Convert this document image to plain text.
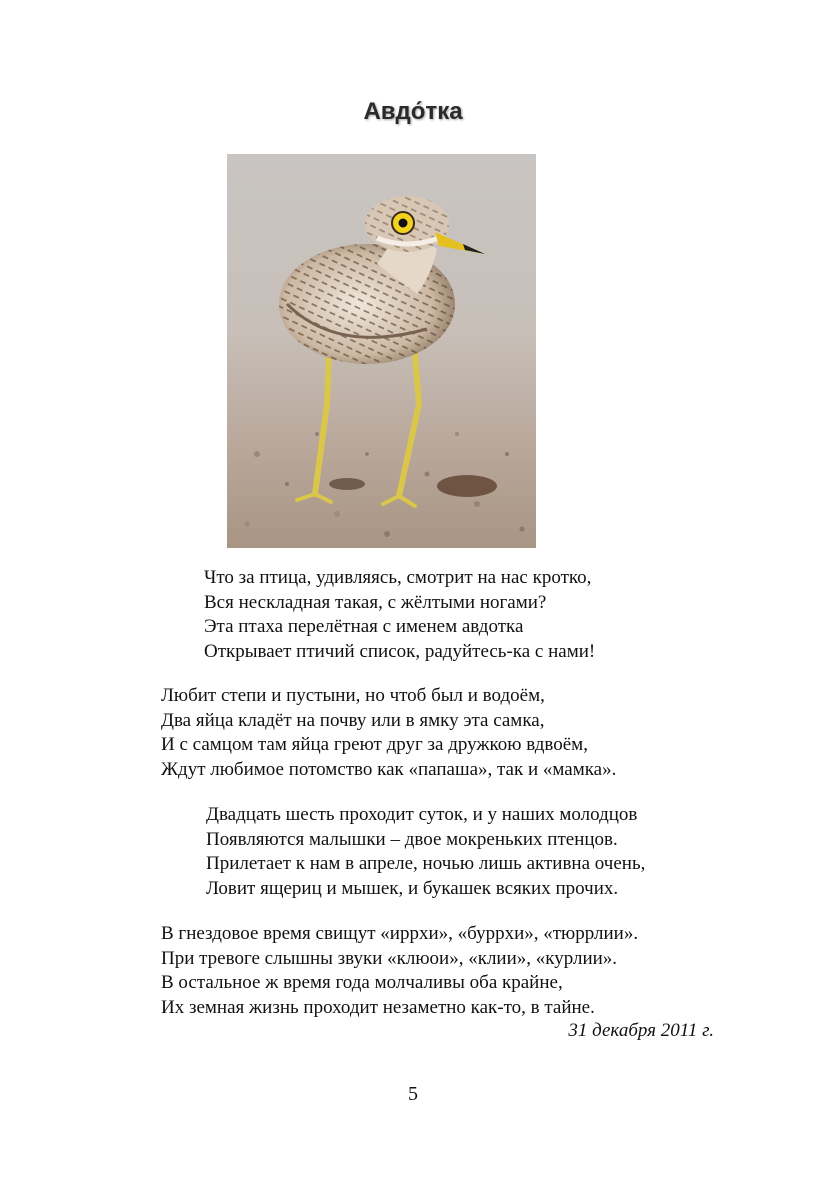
Авдо́тка
Что за птица, удивляясь, смотрит на нас кротко,
Вся нескладная такая, с жёлтыми ногами?
Эта птаха перелётная с именем авдотка
Открывает птичий список, радуйтесь-ка с нами!
Любит степи и пустыни, но чтоб был и водоём,
Два яйца кладёт на почву или в ямку эта самка,
И с самцом там яйца греют друг за дружкою вдвоём,
Ждут любимое потомство как «папаша», так и «мамка».
Двадцать шесть проходит суток, и у наших молодцов
Появляются малышки – двое мокреньких птенцов.
Прилетает к нам в апреле, ночью лишь активна очень,
Ловит ящериц и мышек, и букашек всяких прочих.
В гнездовое время свищут «иррхи», «буррхи», «тюррлии».
При тревоге слышны звуки «клюои», «клии», «курлии».
В остальное ж время года молчаливы оба крайне,
Их земная жизнь проходит незаметно как-то, в тайне.

31 декабря 2011 г.

5
